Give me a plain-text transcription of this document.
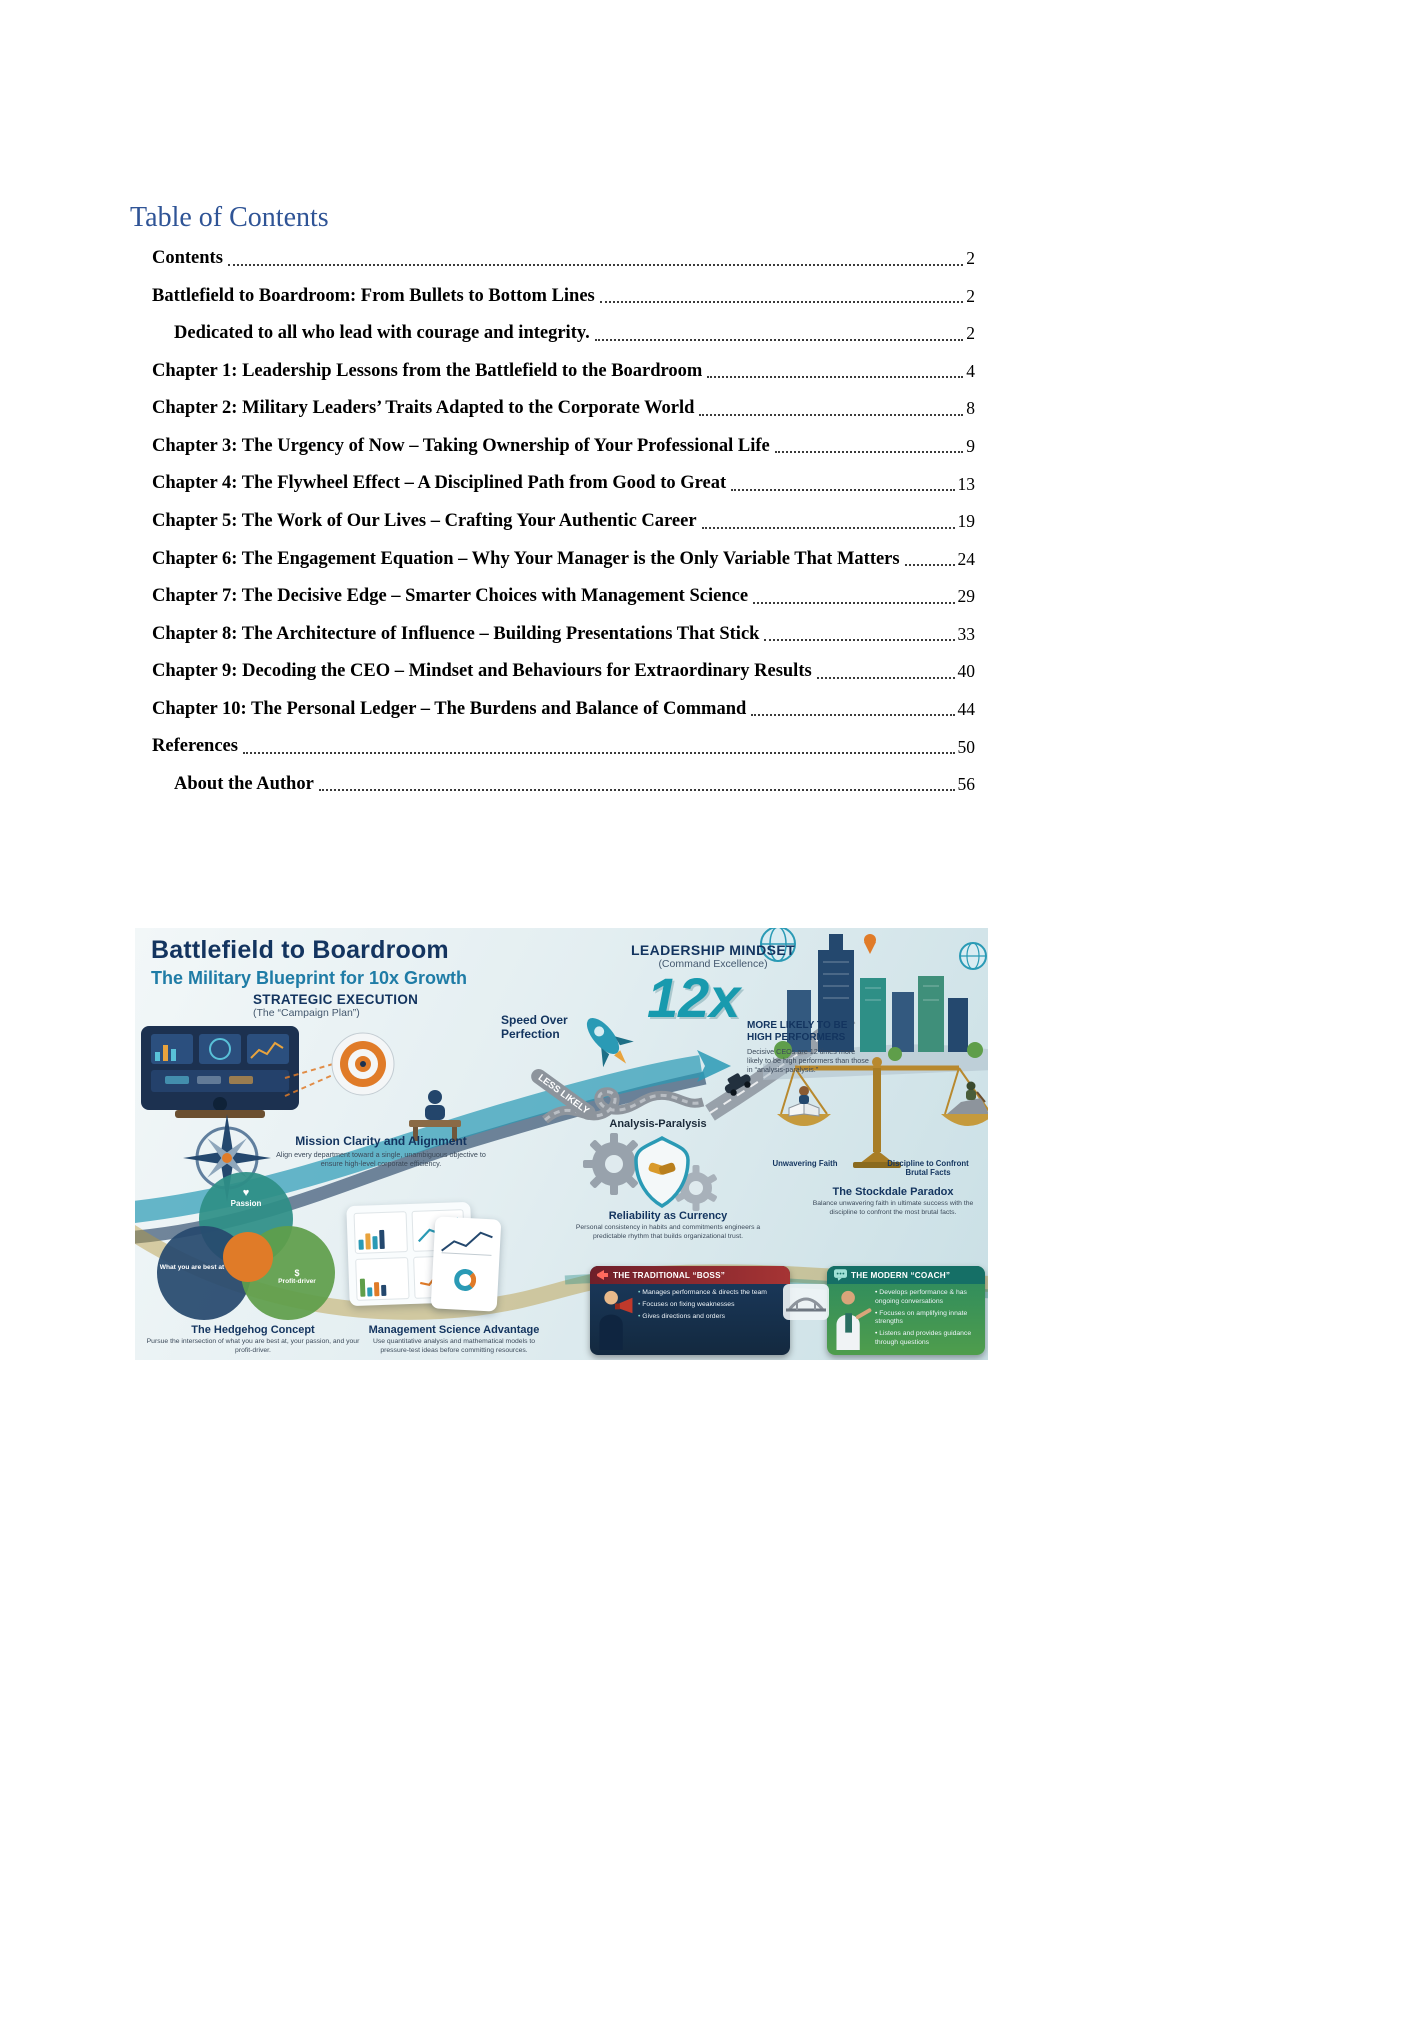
Table of Contents
Contents	2
Battlefield to Boardroom: From Bullets to Bottom Lines	2
Dedicated to all who lead with courage and integrity.	2
Chapter 1: Leadership Lessons from the Battlefield to the Boardroom	4
Chapter 2: Military Leaders’ Traits Adapted to the Corporate World	8
Chapter 3: The Urgency of Now – Taking Ownership of Your Professional Life	9
Chapter 4: The Flywheel Effect – A Disciplined Path from Good to Great	13
Chapter 5: The Work of Our Lives – Crafting Your Authentic Career	19
Chapter 6: The Engagement Equation – Why Your Manager is the Only Variable That Matters	24
Chapter 7: The Decisive Edge – Smarter Choices with Management Science	29
Chapter 8: The Architecture of Influence – Building Presentations That Stick	33
Chapter 9: Decoding the CEO – Mindset and Behaviours for Extraordinary Results	40
Chapter 10: The Personal Ledger – The Burdens and Balance of Command	44
References	50
About the Author	56
Battlefield to Boardroom
The Military Blueprint for 10x Growth
STRATEGIC EXECUTION
(The “Campaign Plan”)	Speed Over Perfection
LEADERSHIP MINDSET
(Command Excellence)
12x MORE LIKELY TO BE HIGH PERFORMERS
Decisive CEOs are 12 times more likely to be high performers than those in “analysis-paralysis.”
LESS LIKELY
Analysis-Paralysis
Mission Clarity and Alignment
Align every department toward a single, unambiguous objective to ensure high-level corporate efficiency.	Unwavering Faith	Discipline to Confront Brutal Facts
The Stockdale Paradox
Balance unwavering faith in ultimate success with the discipline to confront the most brutal facts.
Reliability as Currency
Personal consistency in habits and commitments engineers a predictable rhythm that builds organizational trust.
♥
Passion
What you are best at
$
Profit-driver
The Hedgehog Concept
Pursue the intersection of what you are best at, your passion, and your profit-driver.
Management Science Advantage
Use quantitative analysis and mathematical models to pressure-test ideas before committing resources.
THE TRADITIONAL “BOSS”
• Manages performance & directs the team
• Focuses on fixing weaknesses
• Gives directions and orders
THE MODERN “COACH”
• Develops performance & has ongoing conversations
• Focuses on amplifying innate strengths
• Listens and provides guidance through questions
